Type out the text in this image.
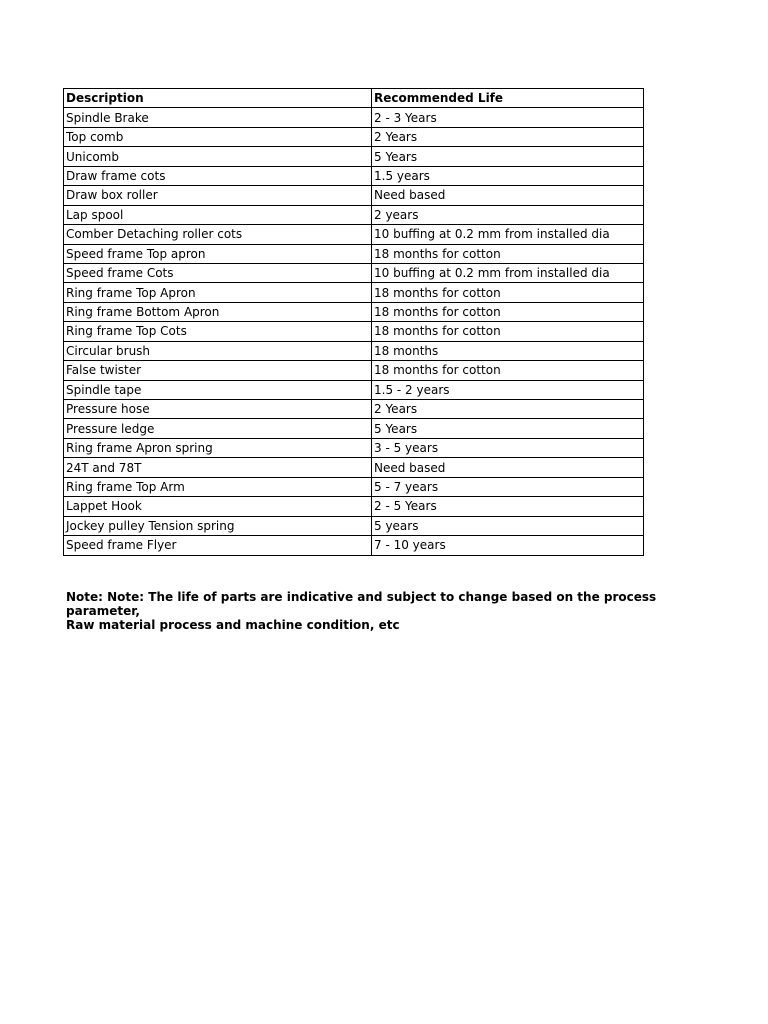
Description	Recommended Life
Spindle Brake	2 - 3 Years
Top comb	2 Years
Unicomb	5 Years
Draw frame cots	1.5 years
Draw box roller	Need based
Lap spool	2 years
Comber Detaching roller cots	10 buffing at 0.2 mm from installed dia
Speed frame Top apron	18 months for cotton
Speed frame Cots	10 buffing at 0.2 mm from installed dia
Ring frame Top Apron	18 months for cotton
Ring frame Bottom Apron	18 months for cotton
Ring frame Top Cots	18 months for cotton
Circular brush	18 months
False twister	18 months for cotton
Spindle tape	1.5 - 2 years
Pressure hose	2 Years
Pressure ledge	5 Years
Ring frame Apron spring	3 - 5 years
24T and 78T	Need based
Ring frame Top Arm	5 - 7 years
Lappet Hook	2 - 5 Years
Jockey pulley Tension spring	5 years
Speed frame Flyer	7 - 10 years
Note: Note: The life of parts are indicative and subject to change based on the process parameter,
Raw material process and machine condition, etc
